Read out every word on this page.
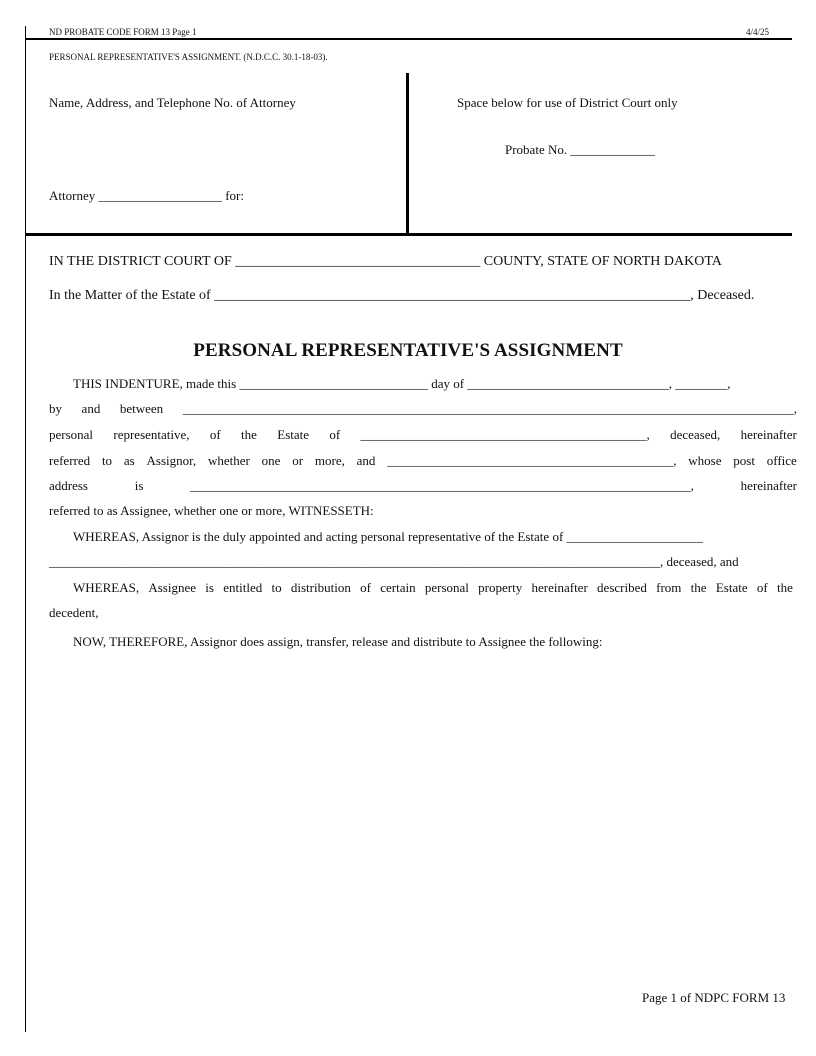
ND PROBATE CODE FORM 13 Page 1	4/4/25
PERSONAL REPRESENTATIVE'S ASSIGNMENT. (N.D.C.C. 30.1-18-03).
Name, Address, and Telephone No. of Attorney
Attorney ___________________ for:
Space below for use of District Court only
Probate No. _____________
IN THE DISTRICT COURT OF ___________________________________ COUNTY, STATE OF NORTH DAKOTA
In the Matter of the Estate of ____________________________________________________________________, Deceased.
PERSONAL REPRESENTATIVE'S ASSIGNMENT
THIS INDENTURE, made this _____________________________ day of _______________________________, ________,
by and between ______________________________________________________________________________________________,
personal representative, of the Estate of ____________________________________________, deceased, hereinafter
referred to as Assignor, whether one or more, and ____________________________________________, whose post office
address	is	_____________________________________________________________________________,	hereinafter
referred to as Assignee, whether one or more, WITNESSETH:
WHEREAS, Assignor is the duly appointed and acting personal representative of the Estate of _____________________
______________________________________________________________________________________________, deceased, and
WHEREAS, Assignee is entitled to distribution of certain personal property hereinafter described from the Estate of the
decedent,
NOW, THEREFORE, Assignor does assign, transfer, release and distribute to Assignee the following:
Page 1 of NDPC FORM 13
